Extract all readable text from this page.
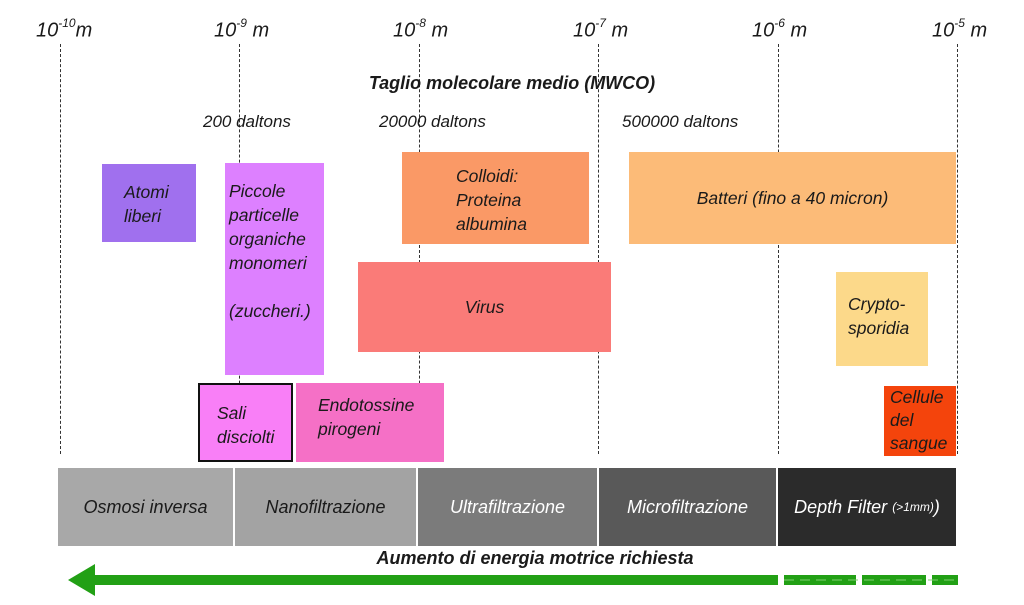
$10^{-10}m$	$10^{-9}$ m	$10^{-8}$ m	$10^{-7}$ m	$10^{-6}$ m	$10^{-5}$ m
Taglio molecolare medio (MWCO)
200 daltons	20000 daltons	500000 daltons
Atomi
liberi
Piccole
particelle
organiche
monomeri
(zuccheri.)
Colloidi:
Proteina
albumina
Batteri (fino a 40 micron)
Virus	Crypto-
sporidia
Sali
disciolti
Endotossine
pirogeni
Cellule
del
sangue
Osmosi inversa	Nanofiltrazione	Ultrafiltrazione	Microfiltrazione	Depth Filter
(>1mm) )
Aumento di energia motrice richiesta
